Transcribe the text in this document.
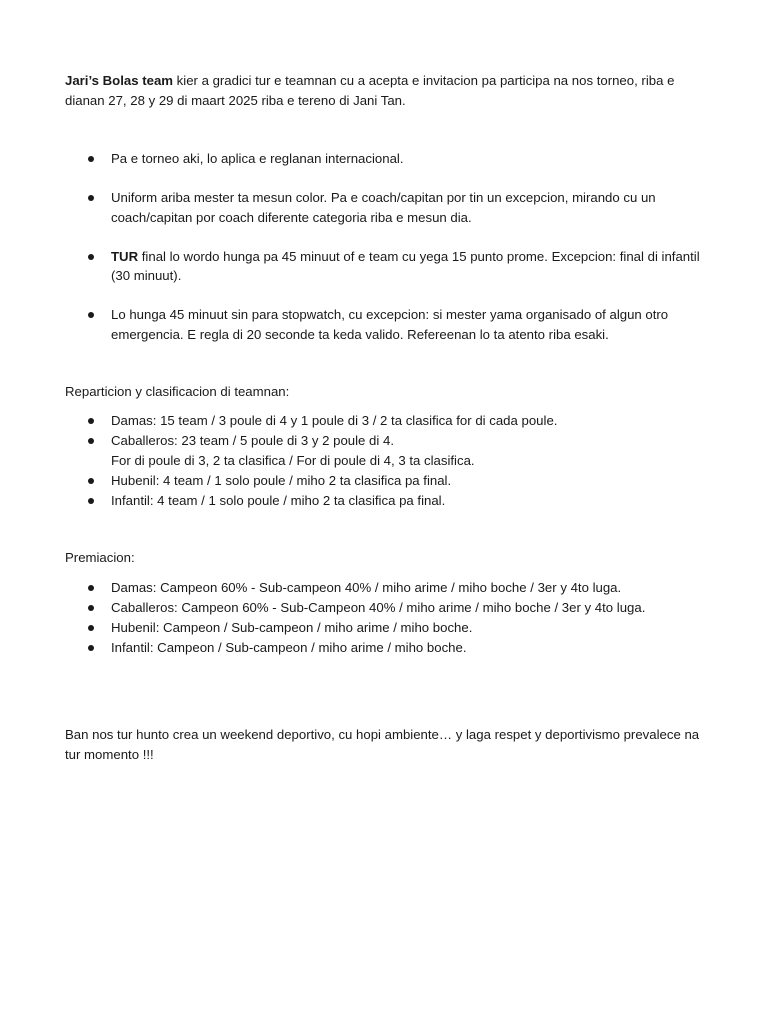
Jari’s Bolas team kier a gradici tur e teamnan cu a acepta e invitacion pa participa na nos torneo, riba e dianan 27, 28 y 29 di maart 2025 riba e tereno di Jani Tan.

Pa e torneo aki, lo aplica e reglanan internacional.
Uniform ariba mester ta mesun color. Pa e coach/capitan por tin un excepcion, mirando cu un coach/capitan por coach diferente categoria riba e mesun dia.
TUR final lo wordo hunga pa 45 minuut of e team cu yega 15 punto prome. Excepcion: final di infantil (30 minuut).
Lo hunga 45 minuut sin para stopwatch, cu excepcion: si mester yama organisado of algun otro emergencia. E regla di 20 seconde ta keda valido. Refereenan lo ta atento riba esaki.

Reparticion y clasificacion di teamnan:

Damas: 15 team / 3 poule di 4 y 1 poule di 3 / 2 ta clasifica for di cada poule.
Caballeros: 23 team / 5 poule di 3 y 2 poule di 4.
For di poule di 3, 2 ta clasifica / For di poule di 4, 3 ta clasifica.
Hubenil: 4 team / 1 solo poule / miho 2 ta clasifica pa final.
Infantil: 4 team / 1 solo poule / miho 2 ta clasifica pa final.

Premiacion:

Damas: Campeon 60% - Sub-campeon 40% / miho arime / miho boche / 3er y 4to luga.
Caballeros: Campeon 60% - Sub-Campeon 40% / miho arime / miho boche / 3er y 4to luga.
Hubenil: Campeon / Sub-campeon / miho arime / miho boche.
Infantil: Campeon / Sub-campeon / miho arime / miho boche.

Ban nos tur hunto crea un weekend deportivo, cu hopi ambiente… y laga respet y deportivismo prevalece na tur momento !!!
